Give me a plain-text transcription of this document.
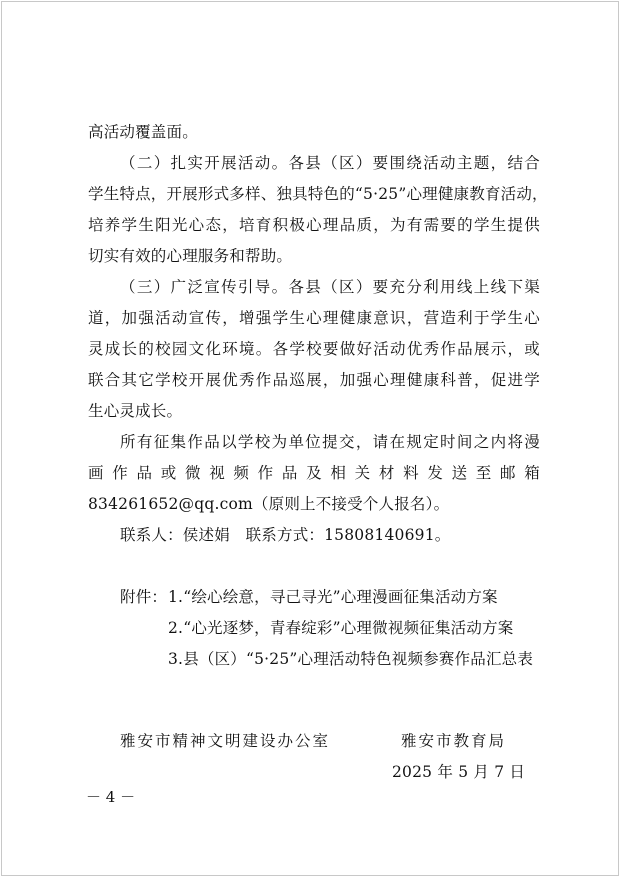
高活动覆盖面。
（二）扎实开展活动。各县（区）要围绕活动主题，结合
学生特点，开展形式多样、独具特色的“5·25”心理健康教育活动，
培养学生阳光心态，培育积极心理品质，为有需要的学生提供
切实有效的心理服务和帮助。
（三）广泛宣传引导。各县（区）要充分利用线上线下渠
道，加强活动宣传，增强学生心理健康意识，营造利于学生心
灵成长的校园文化环境。各学校要做好活动优秀作品展示，或
联合其它学校开展优秀作品巡展，加强心理健康科普，促进学
生心灵成长。
所有征集作品以学校为单位提交，请在规定时间之内将漫
画作品或微视频作品及相关材料发送至邮箱
834261652@qq.com（原则上不接受个人报名）。
联系人：侯述娟　联系方式：15808140691。
附件： 1.“绘心绘意，寻己寻光”心理漫画征集活动方案
2.“心光逐梦，青春绽彩”心理微视频征集活动方案
3.县（区）“5·25”心理活动特色视频参赛作品汇总表
雅安市精神文明建设办公室	雅安市教育局
2025 年 5 月 7 日
－ 4 －
